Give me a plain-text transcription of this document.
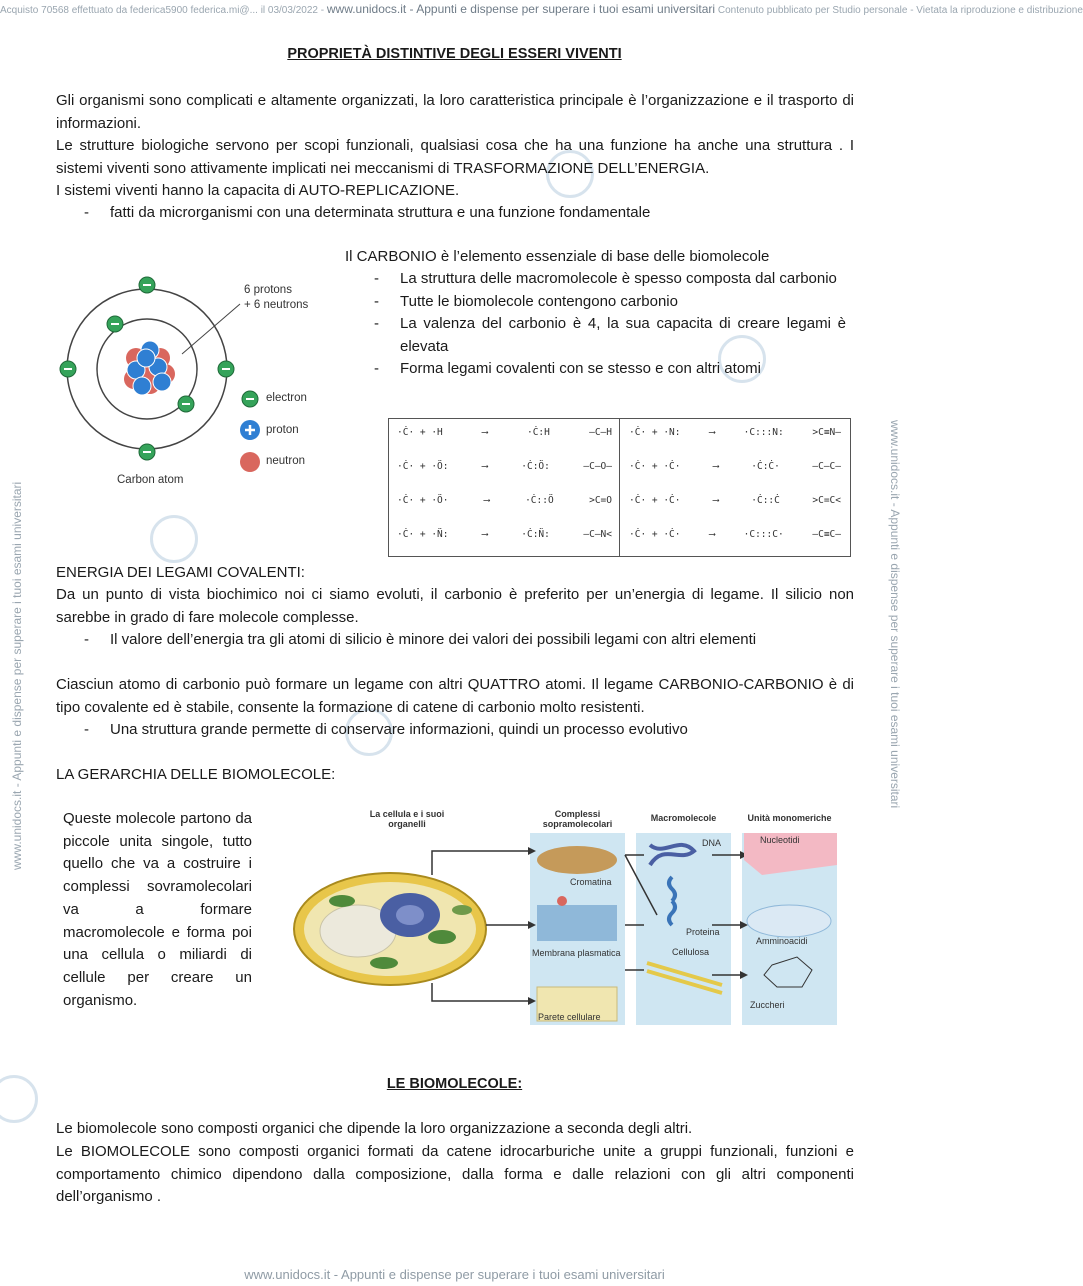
Acquisto 70568 effettuato da federica5900 federica.mi@... il 03/03/2022 - www.unidocs.it - Appunti e dispense per superare i tuoi esami universitari Contenuto pubblicato per Studio personale - Vietata la riproduzione e distribuzione
www.unidocs.it - Appunti e dispense per superare i tuoi esami universitari	www.unidocs.it - Appunti e dispense per superare i tuoi esami universitari
PROPRIETÀ DISTINTIVE DEGLI ESSERI VIVENTI
Gli organismi sono complicati e altamente organizzati, la loro caratteristica principale è l’organizzazione e il trasporto di informazioni.
Le strutture biologiche servono per scopi funzionali, qualsiasi cosa che ha una funzione ha anche una struttura . I sistemi viventi sono attivamente implicati nei meccanismi di TRASFORMAZIONE DELL’ENERGIA.
I sistemi viventi hanno la capacita di AUTO-REPLICAZIONE.
- fatti da microrganismi con una determinata struttura e una funzione fondamentale
6 protons
+ 6 neutrons
electron
proton
neutron
Carbon atom
Il CARBONIO è l’elemento essenziale di base delle biomolecole
- La struttura delle macromolecole è spesso composta dal carbonio
- Tutte le biomolecole contengono carbonio
- La valenza del carbonio è 4, la sua capacita di creare legami è elevata
- Forma legami covalenti con se stesso e con altri atomi
·Ċ· + ·H	⟶	·Ċ:H	—C—H
·Ċ· + ·Ö:	⟶	·Ċ:Ö:	—C—O—
·Ċ· + ·Ö·	⟶	·Ċ::Ö	>C=O
·Ċ· + ·N̈:	⟶	·Ċ:N̈:	—C—N<
·Ċ· + ·N:	⟶	·C:::N:	>C≡N—
·Ċ· + ·Ċ·	⟶	·Ċ:Ċ·	—C—C—
·Ċ· + ·Ċ·	⟶	·Ċ::Ċ	>C=C<
·Ċ· + ·Ċ·	⟶	·C:::C·	—C≡C—
ENERGIA DEI LEGAMI COVALENTI:
Da un punto di vista biochimico noi ci siamo evoluti, il carbonio è preferito per un’energia di legame. Il silicio non sarebbe in grado di fare molecole complesse.
- Il valore dell’energia tra gli atomi di silicio è minore dei valori dei possibili legami con altri elementi
Ciasciun atomo di carbonio può formare un legame con altri QUATTRO atomi. Il legame CARBONIO-CARBONIO è di tipo covalente ed è stabile, consente la formazione di catene di carbonio molto resistenti.
- Una struttura grande permette di conservare informazioni, quindi un processo evolutivo
LA GERARCHIA DELLE BIOMOLECOLE:
Queste molecole partono da piccole unita singole, tutto quello che va a costruire i complessi sovramolecolari va a formare macromolecole e forma poi una cellula o miliardi di cellule per creare un organismo.
La cellula e i suoi organelli
Complessi sopramolecolari
Macromolecole	Unità monomeriche
Cromatina
Membrana plasmatica
Parete cellulare
DNA
Proteina
Cellulosa
Nucleotidi
Amminoacidi
Zuccheri
LE BIOMOLECOLE:
Le biomolecole sono composti organici che dipende la loro organizzazione a seconda degli altri.
Le BIOMOLECOLE sono composti organici formati da catene idrocarburiche unite a gruppi funzionali, funzioni e comportamento chimico dipendono dalla composizione, dalla forma e dalle relazioni con gli altri componenti dell’organismo .
www.unidocs.it - Appunti e dispense per superare i tuoi esami universitari
